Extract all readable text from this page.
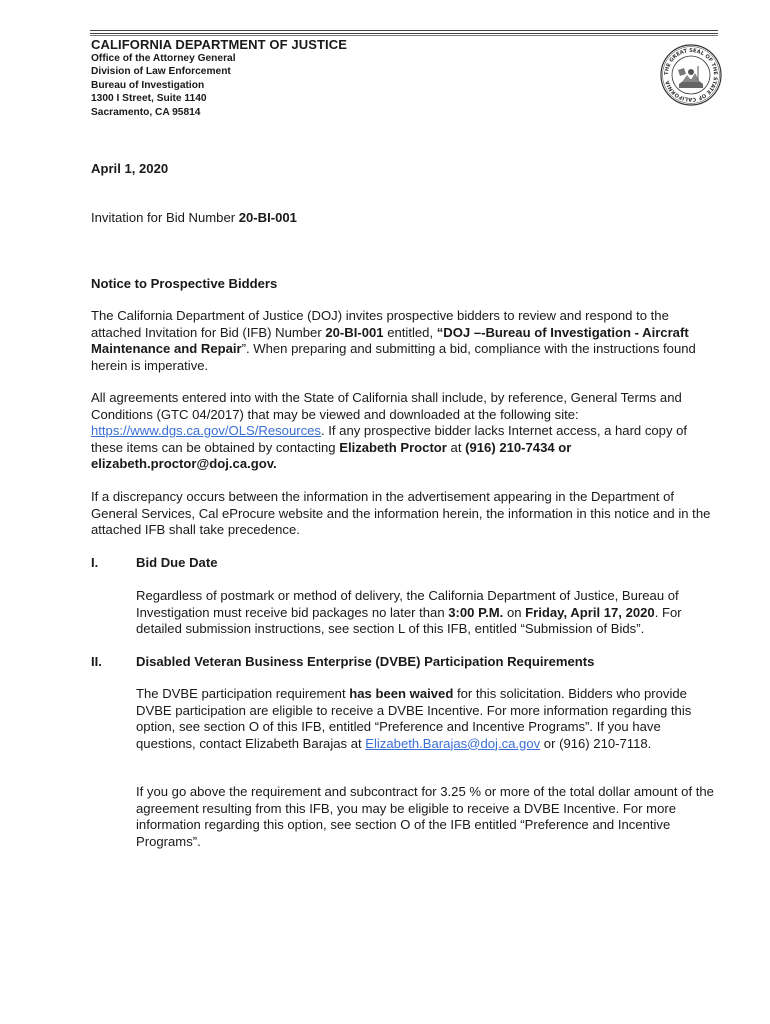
CALIFORNIA DEPARTMENT OF JUSTICE
Office of the Attorney General
Division of Law Enforcement
Bureau of Investigation
1300 I Street, Suite 1140
Sacramento, CA 95814
THE GREAT SEAL OF THE STATE OF CALIFORNIA
April 1, 2020
Invitation for Bid Number 20-BI-001
Notice to Prospective Bidders
The California Department of Justice (DOJ) invites prospective bidders to review and respond to the attached Invitation for Bid (IFB) Number 20-BI-001 entitled, “DOJ –-Bureau of Investigation - Aircraft Maintenance and Repair”. When preparing and submitting a bid, compliance with the instructions found herein is imperative.
All agreements entered into with the State of California shall include, by reference, General Terms and Conditions (GTC 04/2017) that may be viewed and downloaded at the following site: https://www.dgs.ca.gov/OLS/Resources. If any prospective bidder lacks Internet access, a hard copy of these items can be obtained by contacting Elizabeth Proctor at (916) 210-7434 or elizabeth.proctor@doj.ca.gov.
If a discrepancy occurs between the information in the advertisement appearing in the Department of General Services, Cal eProcure website and the information herein, the information in this notice and in the attached IFB shall take precedence.
I.	Bid Due Date
Regardless of postmark or method of delivery, the California Department of Justice, Bureau of Investigation must receive bid packages no later than 3:00 P.M. on Friday, April 17, 2020. For detailed submission instructions, see section L of this IFB, entitled “Submission of Bids”.
II.	Disabled Veteran Business Enterprise (DVBE) Participation Requirements
The DVBE participation requirement has been waived for this solicitation. Bidders who provide DVBE participation are eligible to receive a DVBE Incentive. For more information regarding this option, see section O of this IFB, entitled “Preference and Incentive Programs”. If you have questions, contact Elizabeth Barajas at Elizabeth.Barajas@doj.ca.gov or (916) 210-7118.
If you go above the requirement and subcontract for 3.25 % or more of the total dollar amount of the agreement resulting from this IFB, you may be eligible to receive a DVBE Incentive. For more information regarding this option, see section O of the IFB entitled “Preference and Incentive Programs”.
